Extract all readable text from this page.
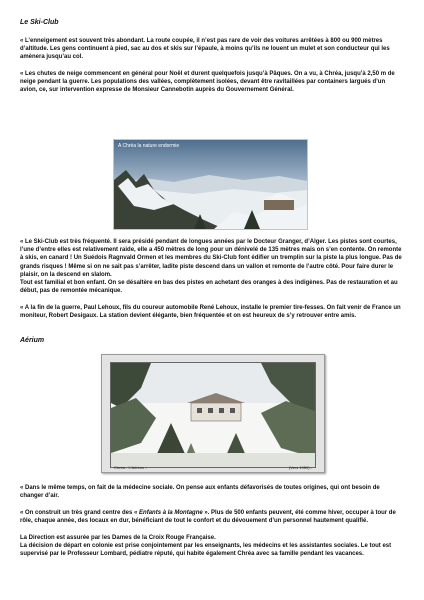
Le Ski-Club

« L’enneigement est souvent très abondant. La route coupée, il n’est pas rare de voir des voitures arrêtées à 800 ou 900 mètres d’altitude. Les gens continuent à pied, sac au dos et skis sur l’épaule, à moins qu’ils ne louent un mulet et son conducteur qui les amènera jusqu’au col.

« Les chutes de neige commencent en général pour Noël et durent quelquefois jusqu’à Pâques. On a vu, à Chréa, jusqu’à 2,50 m de neige pendant la guerre. Les populations des vallées, complètement isolées, devant être ravitaillées par containers largués d’un avion, ce, sur intervention expresse de Monsieur Cannebotin auprès du Gouvernement Général.

A Chréa la nature endormie

« Le Ski-Club est très fréquenté. Il sera présidé pendant de longues années par le Docteur Granger, d’Alger. Les pistes sont courtes, l’une d’entre elles est relativement raide, elle a 450 mètres de long pour un dénivelé de 135 mètres mais on s’en contente. On remonte à skis, en canard ! Un Suédois Ragnvald Ormen et les membres du Ski-Club font édifier un tremplin sur la piste la plus longue. Pas de grands risques ! Même si on ne sait pas s’arrêter, ladite piste descend dans un vallon et remonte de l’autre côté. Pour faire durer le plaisir, on la descend en slalom.

Tout est familial et bon enfant. On se désaltère en bas des pistes en achetant des oranges à des indigènes. Pas de restauration et au début, pas de remontée mécanique.

« A la fin de la guerre, Paul Lehoux, fils du coureur automobile René Lehoux, installe le premier tire-fesses. On fait venir de France un moniteur, Robert Desigaux. La station devient élégante, bien fréquentée et on est heureux de s’y retrouver entre amis.

Aérium
Chréa - L'Aérium -	(Vers 1950) -

« Dans le même temps, on fait de la médecine sociale. On pense aux enfants défavorisés de toutes origines, qui ont besoin de changer d’air.

« On construit un très grand centre des « Enfants à la Montagne ». Plus de 500 enfants peuvent, été comme hiver, occuper à tour de rôle, chaque année, des locaux en dur, bénéficiant de tout le confort et du dévouement d’un personnel hautement qualifié.

La Direction est assurée par les Dames de la Croix Rouge Française.

La décision de départ en colonie est prise conjointement par les enseignants, les médecins et les assistantes sociales. Le tout est supervisé par le Professeur Lombard, pédiatre réputé, qui habite également Chréa avec sa famille pendant les vacances.
